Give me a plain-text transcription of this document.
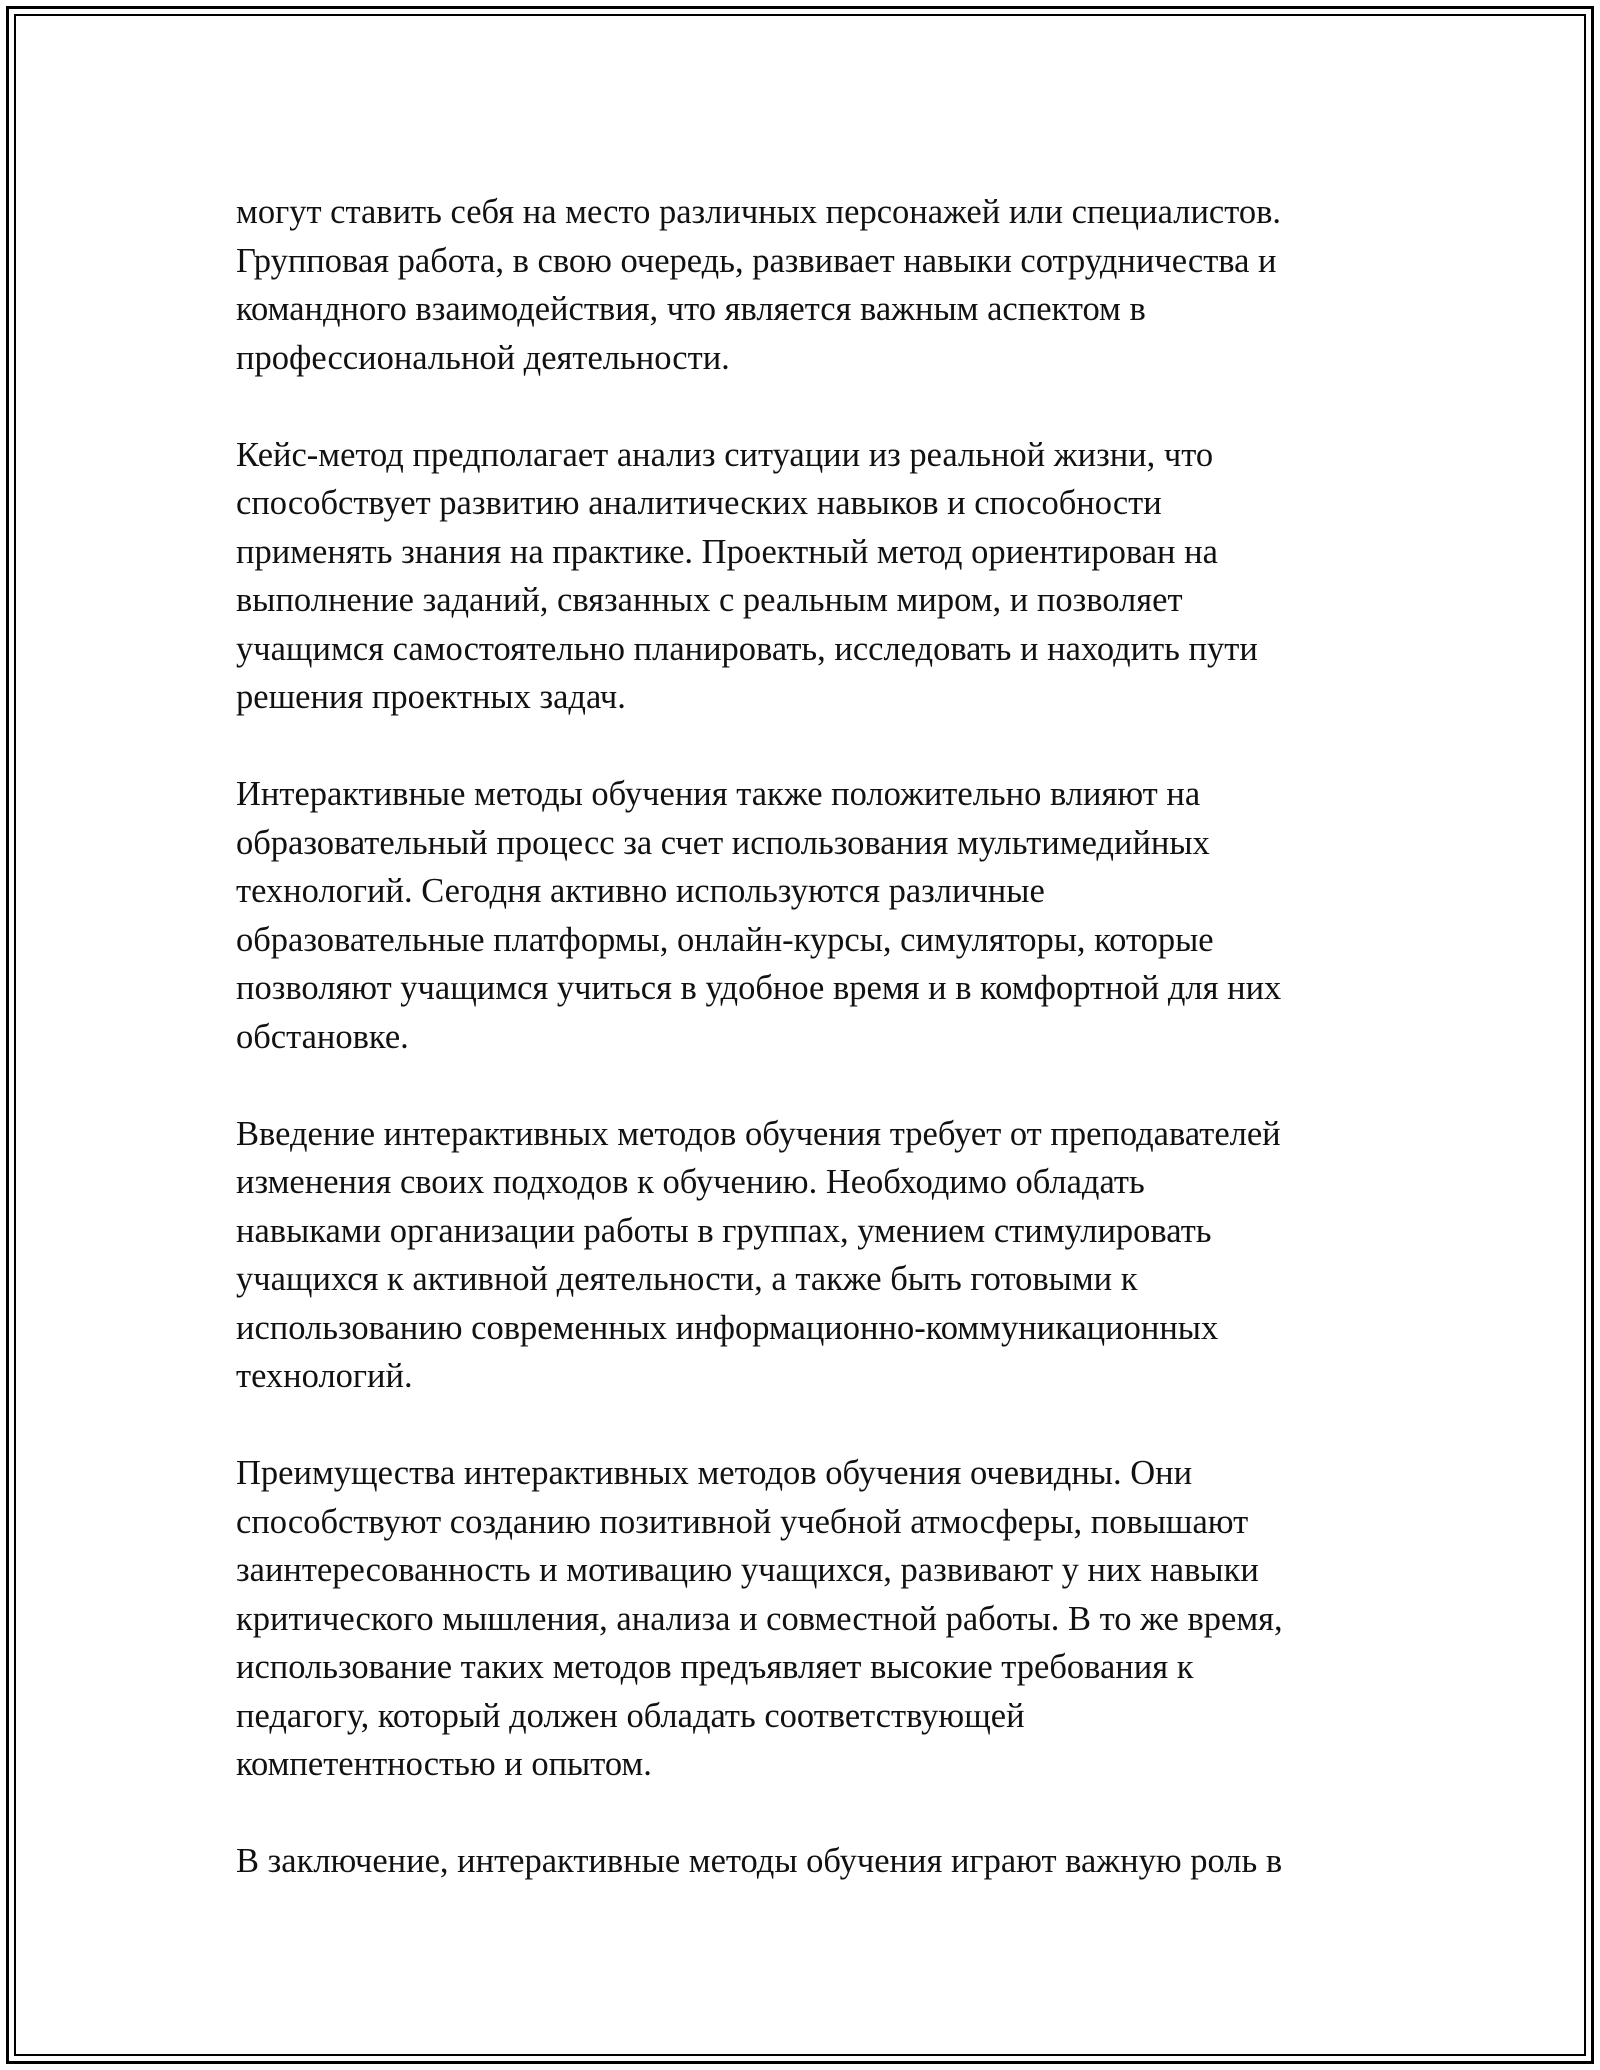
могут ставить себя на место различных персонажей или специалистов.
Групповая работа, в свою очередь, развивает навыки сотрудничества и
командного взаимодействия, что является важным аспектом в
профессиональной деятельности.

Кейс-метод предполагает анализ ситуации из реальной жизни, что
способствует развитию аналитических навыков и способности
применять знания на практике. Проектный метод ориентирован на
выполнение заданий, связанных с реальным миром, и позволяет
учащимся самостоятельно планировать, исследовать и находить пути
решения проектных задач.

Интерактивные методы обучения также положительно влияют на
образовательный процесс за счет использования мультимедийных
технологий. Сегодня активно используются различные
образовательные платформы, онлайн-курсы, симуляторы, которые
позволяют учащимся учиться в удобное время и в комфортной для них
обстановке.

Введение интерактивных методов обучения требует от преподавателей
изменения своих подходов к обучению. Необходимо обладать
навыками организации работы в группах, умением стимулировать
учащихся к активной деятельности, а также быть готовыми к
использованию современных информационно-коммуникационных
технологий.

Преимущества интерактивных методов обучения очевидны. Они
способствуют созданию позитивной учебной атмосферы, повышают
заинтересованность и мотивацию учащихся, развивают у них навыки
критического мышления, анализа и совместной работы. В то же время,
использование таких методов предъявляет высокие требования к
педагогу, который должен обладать соответствующей
компетентностью и опытом.

В заключение, интерактивные методы обучения играют важную роль в
